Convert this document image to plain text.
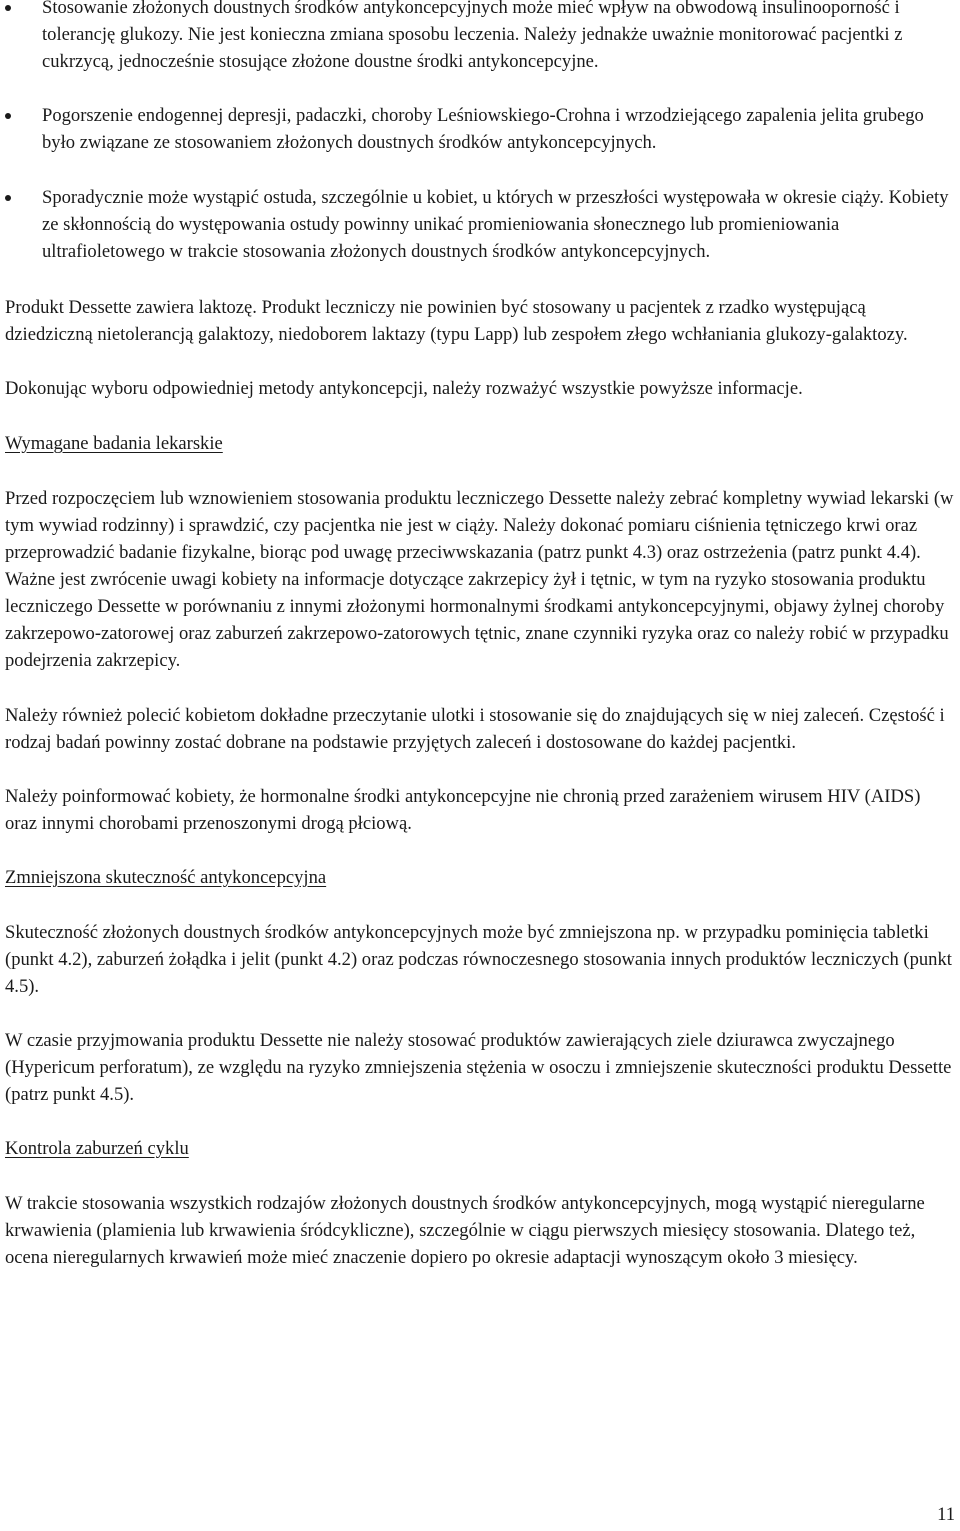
Stosowanie złożonych doustnych środków antykoncepcyjnych może mieć wpływ na obwodową insulinooporność i tolerancję glukozy. Nie jest konieczna zmiana sposobu leczenia. Należy jednakże uważnie monitorować pacjentki z cukrzycą, jednocześnie stosujące złożone doustne środki antykoncepcyjne.
Pogorszenie endogennej depresji, padaczki, choroby Leśniowskiego-Crohna i wrzodziejącego zapalenia jelita grubego było związane ze stosowaniem złożonych doustnych środków antykoncepcyjnych.
Sporadycznie może wystąpić ostuda, szczególnie u kobiet, u których w przeszłości występowała w okresie ciąży. Kobiety ze skłonnością do występowania ostudy powinny unikać promieniowania słonecznego lub promieniowania ultrafioletowego w trakcie stosowania złożonych doustnych środków antykoncepcyjnych.

Produkt Dessette zawiera laktozę. Produkt leczniczy nie powinien być stosowany u pacjentek z rzadko występującą dziedziczną nietolerancją galaktozy, niedoborem laktazy (typu Lapp) lub zespołem złego wchłaniania glukozy-galaktozy.

Dokonując wyboru odpowiedniej metody antykoncepcji, należy rozważyć wszystkie powyższe informacje.

Wymagane badania lekarskie

Przed rozpoczęciem lub wznowieniem stosowania produktu leczniczego Dessette należy zebrać kompletny wywiad lekarski (w tym wywiad rodzinny) i sprawdzić, czy pacjentka nie jest w ciąży. Należy dokonać pomiaru ciśnienia tętniczego krwi oraz przeprowadzić badanie fizykalne, biorąc pod uwagę przeciwwskazania (patrz punkt 4.3) oraz ostrzeżenia (patrz punkt 4.4). Ważne jest zwrócenie uwagi kobiety na informacje dotyczące zakrzepicy żył i tętnic, w tym na ryzyko stosowania produktu leczniczego Dessette w porównaniu z innymi złożonymi hormonalnymi środkami antykoncepcyjnymi, objawy żylnej choroby zakrzepowo-zatorowej oraz zaburzeń zakrzepowo-zatorowych tętnic, znane czynniki ryzyka oraz co należy robić w przypadku podejrzenia zakrzepicy.

Należy również polecić kobietom dokładne przeczytanie ulotki i stosowanie się do znajdujących się w niej zaleceń. Częstość i rodzaj badań powinny zostać dobrane na podstawie przyjętych zaleceń i dostosowane do każdej pacjentki.

Należy poinformować kobiety, że hormonalne środki antykoncepcyjne nie chronią przed zarażeniem wirusem HIV (AIDS) oraz innymi chorobami przenoszonymi drogą płciową.

Zmniejszona skuteczność antykoncepcyjna

Skuteczność złożonych doustnych środków antykoncepcyjnych może być zmniejszona np. w przypadku pominięcia tabletki (punkt 4.2), zaburzeń żołądka i jelit (punkt 4.2) oraz podczas równoczesnego stosowania innych produktów leczniczych (punkt 4.5).

W czasie przyjmowania produktu Dessette nie należy stosować produktów zawierających ziele dziurawca zwyczajnego (Hypericum perforatum), ze względu na ryzyko zmniejszenia stężenia w osoczu i zmniejszenie skuteczności produktu Dessette (patrz punkt 4.5).

Kontrola zaburzeń cyklu

W trakcie stosowania wszystkich rodzajów złożonych doustnych środków antykoncepcyjnych, mogą wystąpić nieregularne krwawienia (plamienia lub krwawienia śródcykliczne), szczególnie w ciągu pierwszych miesięcy stosowania. Dlatego też, ocena nieregularnych krwawień może mieć znaczenie dopiero po okresie adaptacji wynoszącym około 3 miesięcy.

11
